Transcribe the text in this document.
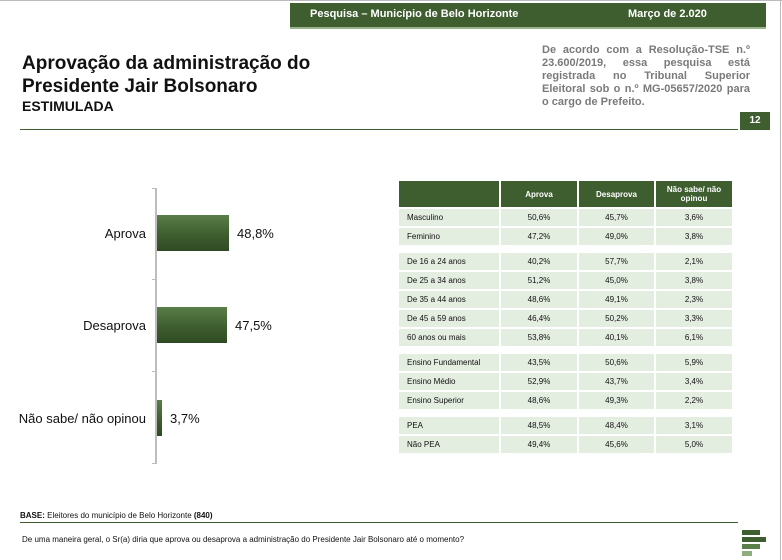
Pesquisa – Município de Belo Horizonte	Março de 2.020
Aprovação da administração do Presidente Jair Bolsonaro
ESTIMULADA
De acordo com a Resolução-TSE n.º 23.600/2019, essa pesquisa está registrada no Tribunal Superior Eleitoral sob o n.º MG-05657/2020 para o cargo de Prefeito.
12
Aprova	48,8%
Desaprova	47,5%
Não sabe/ não opinou 3,7%
	Aprova	Desaprova	Não sabe/ não opinou
Masculino	50,6%	45,7%	3,6%
Feminino	47,2%	49,0%	3,8%

De 16 a 24 anos	40,2%	57,7%	2,1%
De 25 a 34 anos	51,2%	45,0%	3,8%
De 35 a 44 anos	48,6%	49,1%	2,3%
De 45 a 59 anos	46,4%	50,2%	3,3%
60 anos ou mais	53,8%	40,1%	6,1%

Ensino Fundamental	43,5%	50,6%	5,9%
Ensino Médio	52,9%	43,7%	3,4%
Ensino Superior	48,6%	49,3%	2,2%

PEA	48,5%	48,4%	3,1%
Não PEA	49,4%	45,6%	5,0%
BASE: Eleitores do município de Belo Horizonte (840)
De uma maneira geral, o Sr(a) diria que aprova ou desaprova a administração do Presidente Jair Bolsonaro até o momento?
